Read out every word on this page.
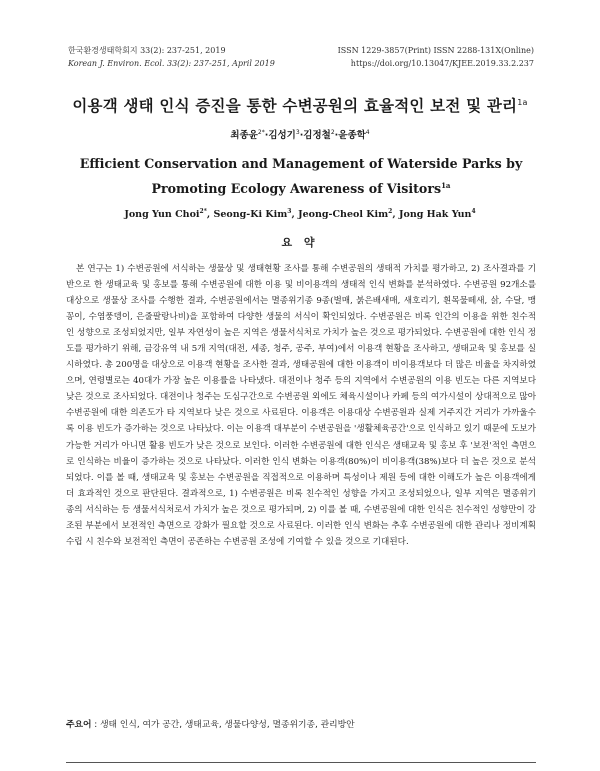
한국환경생태학회지 33(2): 237-251, 2019
Korean J. Environ. Ecol. 33(2): 237-251, April 2019
ISSN 1229-3857(Print) ISSN 2288-131X(Online)
https://doi.org/10.13047/KJEE.2019.33.2.237
이용객 생태 인식 증진을 통한 수변공원의 효율적인 보전 및 관리$^{1a}$
최종윤$^{2*}$·김성기$^3$·김정철$^2$·윤종학$^4$
Efficient Conservation and Management of Waterside Parks by Promoting Ecology Awareness of Visitors$^{1a}$
Jong Yun Choi$^{2*}$, Seong-Ki Kim$^3$, Jeong-Cheol Kim$^2$, Jong Hak Yun$^4$
요 약

본 연구는 1) 수변공원에 서식하는 생물상 및 생태현황 조사를 통해 수변공원의 생태적 가치를 평가하고, 2) 조사결과를 기반으로 한 생태교육 및 홍보를 통해 수변공원에 대한 이용 및 비이용객의 생태적 인식 변화를 분석하였다. 수변공원 92개소를 대상으로 생물상 조사를 수행한 결과, 수변공원에서는 멸종위기종 9종(벌매, 붉은배새매, 새호리기, 흰목물떼새, 삵, 수달, 맹꽁이, 수염풍뎅이, 은줄팔랑나비)을 포함하여 다양한 생물의 서식이 확인되었다. 수변공원은 비록 인간의 이용을 위한 친수적인 성향으로 조성되었지만, 일부 자연성이 높은 지역은 생물서식처로 가치가 높은 것으로 평가되었다. 수변공원에 대한 인식 정도를 평가하기 위해, 금강유역 내 5개 지역(대전, 세종, 청주, 공주, 부여)에서 이용객 현황을 조사하고, 생태교육 및 홍보를 실시하였다. 총 200명을 대상으로 이용객 현황을 조사한 결과, 생태공원에 대한 이용객이 비이용객보다 더 많은 비율을 차지하였으며, 연령별로는 40대가 가장 높은 이용률을 나타냈다. 대전이나 청주 등의 지역에서 수변공원의 이용 빈도는 다른 지역보다 낮은 것으로 조사되었다. 대전이나 청주는 도심구간으로 수변공원 외에도 체육시설이나 카페 등의 여가시설이 상대적으로 많아 수변공원에 대한 의존도가 타 지역보다 낮은 것으로 사료된다. 이용객은 이용대상 수변공원과 실제 거주지간 거리가 가까울수록 이용 빈도가 증가하는 것으로 나타났다. 이는 이용객 대부분이 수변공원을 '생활체육공간'으로 인식하고 있기 때문에 도보가 가능한 거리가 아니면 활용 빈도가 낮은 것으로 보인다. 이러한 수변공원에 대한 인식은 생태교육 및 홍보 후 '보전'적인 측면으로 인식하는 비율이 증가하는 것으로 나타났다. 이러한 인식 변화는 이용객(80%)이 비이용객(38%)보다 더 높은 것으로 분석되었다. 이를 볼 때, 생태교육 및 홍보는 수변공원을 직접적으로 이용하며 특성이나 제원 등에 대한 이해도가 높은 이용객에게 더 효과적인 것으로 판단된다. 결과적으로, 1) 수변공원은 비록 친수적인 성향을 가지고 조성되었으나, 일부 지역은 멸종위기종의 서식하는 등 생물서식처로서 가치가 높은 것으로 평가되며, 2) 이를 볼 때, 수변공원에 대한 인식은 친수적인 성향만이 강조된 부분에서 보전적인 측면으로 강화가 필요할 것으로 사료된다. 이러한 인식 변화는 추후 수변공원에 대한 관리나 정비계획 수립 시 친수와 보전적인 측면이 공존하는 수변공원 조성에 기여할 수 있을 것으로 기대된다.

주요어 : 생태 인식, 여가 공간, 생태교육, 생물다양성, 멸종위기종, 관리방안
